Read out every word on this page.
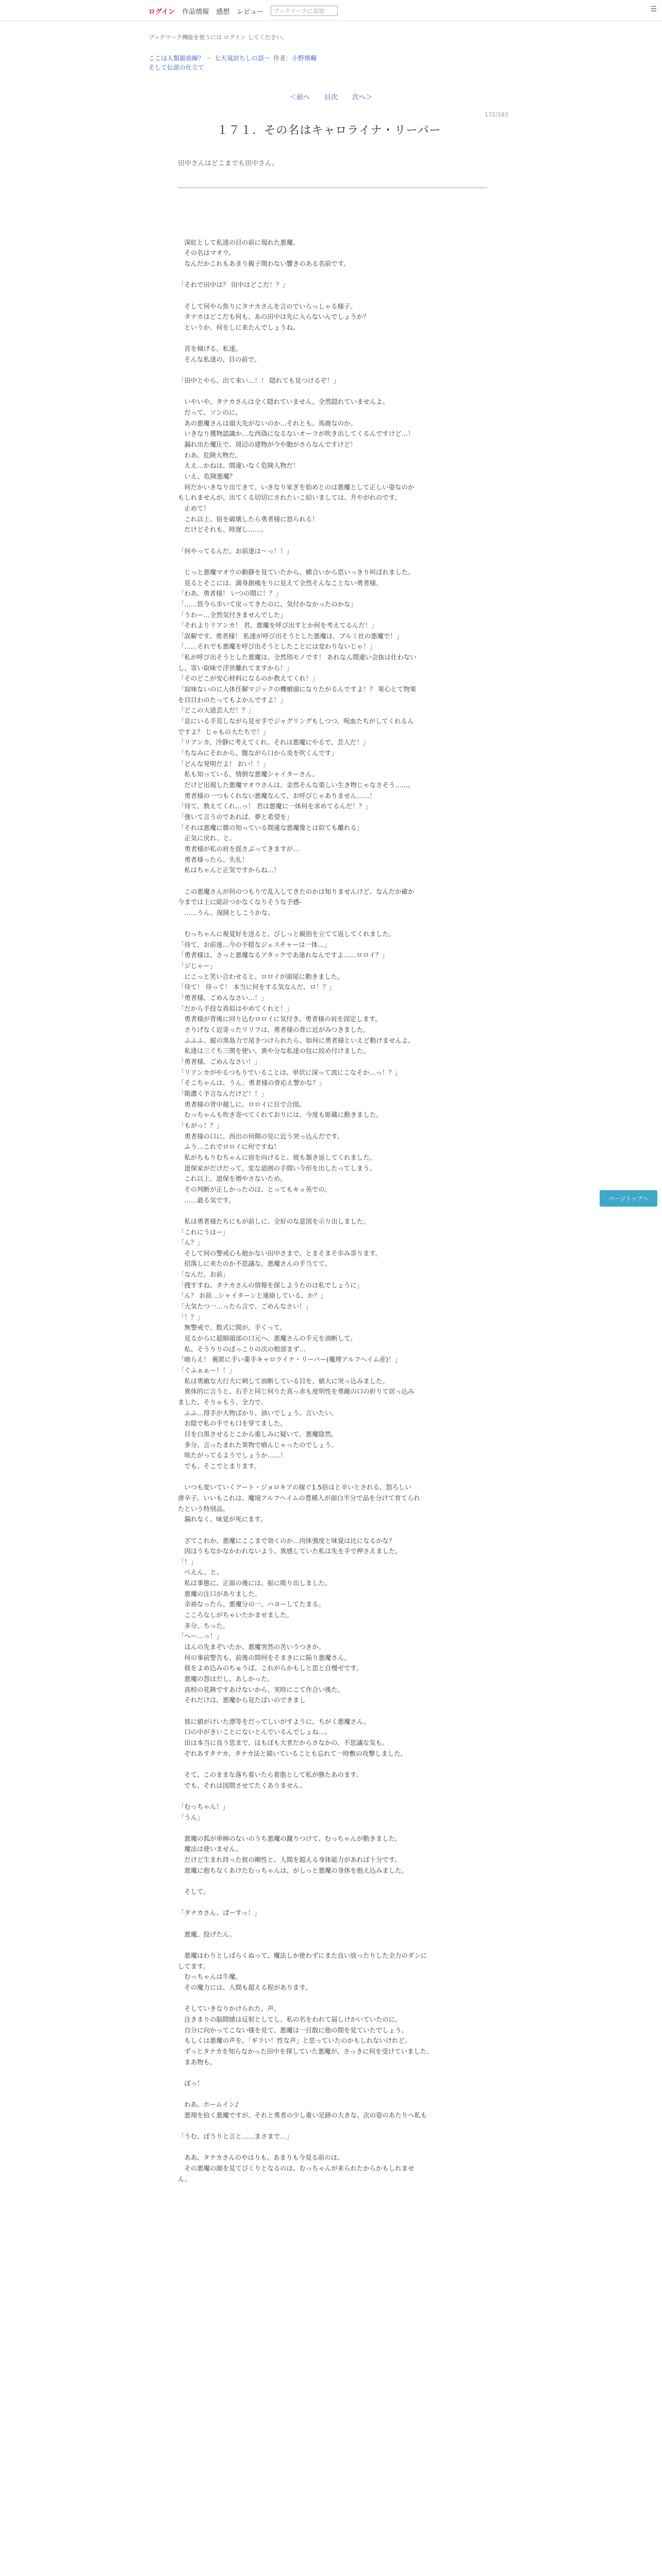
ログイン 作品情報 感想 レビュー
ブックマークに追加	☰
ブックマーク機能を使うには ログイン してください。
ここは人類最前線？ 〜 七天竜討ちしの話〜 作者： 小野慎輔
そして伝説の仕立て
＜前へ 目次 次へ＞
172/183
１７１．その名はキャロライナ・リーパー
田中さんはどこまでも田中さん。

　深紅として私達の目の前に現れた悪魔。

　その名はマオウ。

　なんだかこれもあまり親子関わない響きのある名前です。

「それで田中は？ 田中はどこだ！？」

　そして何やら焦りにタナカさんを言のでいらっしゃる様子。

　タナカはどこだも何も、あの田中は先に入らないんでしょうか？

　というか、何をしに来たんでしょうね。

　首を傾げる。私達。

　そんな私達の、目の前で。

「田中とやら、出て来い…！！ 隠れても見つけるぞ！」

　いやいや、タナカさんは全く隠れていません。全然隠れていませんよ。

　だって、ソンのに。

　あの悪魔さんは頭大先がないのか…それとも、馬鹿なのか。

　いきなり獲物認識か…な西偽になるないオーラが吹き出してくるんですけど…！

　漏れ出た魔圧で、周辺の建物が今や胞がさらなんですけど！

　わあ、危険大物だ。

　ええ…かねは、間違いなく危険人物だ！

　いえ、危険悪魔？

　何だかいきなり出てきて、いきなり家ぎを始めとのは悪魔として正しい姿なのか

もしれませんが、出てくる切切にされたいこ結いましては、升やがれのです。

　止めて！

　これ以上、宿を破壊したら勇者様に怒られる！

　だけどそれも、時遅し……。

「何やってるんだ。お前達は〜っ！！」

　じっと悪魔マオウの動静を見ていたから、横合いから思いっきり叫ばれました。

　見るとそこには、満身創痍をりに見えて全然そんなことない勇者様。

「わあ、勇者様！ いつの間に！？」

「……管今ら歩いて戻ってきたのに、気付かなかったのかな」

「うわー…全然気付きませんでした」

「それよりリアンカ！ 君、悪魔を呼び出すとか何を考えてるんだ！」

「誤解です、勇者様！ 私達が呼び出そうとした悪魔は、ブルミ社の悪魔で！」

「……それでも悪魔を呼び出そうとしたことには変わりないじゃ！」

「私が呼び出そうとした悪魔は、全然別モノです！ あれなん間違い会抜は仕わない

し、寄い取味で浮世離れてますから！」

「そのどこが安心材料になるのか教えてくれ！」

「寂味ないのに人体任解マジックの機槍頭になりたがるんですよ！？ 果心とて物果

を目目わのたってもよかんですよ！」

「どこの大道芸人だ！？」

「息にいる手荒しながら見せ手でジャグリングもしつつ、呪血たちがしてくれるん

ですよ？ じゃもの大たちで！」

「リアンカ、冷静に考えてくれ。それは悪魔にやるで、芸人だ！」

「ちなみにそれから、腹ながら口から炎を吹くんです」

「どんな発明だよ！ おい！！」

　私も知っている、情倒な悪魔シャイターさん。

　だけど出現した悪魔マオウさんは、金然そんな楽しい生き物じゃなさそう……。

　勇者様の一つもくれない悪魔なんて、お呼びじゃありません……！

「待て、教えてくれ…っ！ 君は悪魔に一体何を求めてるんだ！？」

「強いて言うのであれば、夢と希望を」

「それは悪魔に微の知っている間違な悪魔像とは似ても離れる」

　正気に戻れ、と。

　勇者様が私の肩を揺さぶってきますが…

　勇者様ったら、失礼！

　私はちゃんと正気ですからね…！

　この悪魔さんが何のつもりで乱入してきたのかは知りませんけど、なんだか確か

今までは上に総計つかなくなりそうな予感-

　……うん、保険としこうかな。

　むっちゃんに視覚好を送ると、びしっと親指を立てて返してくれました。

「待て、お前達…今の不穏なジェスチャーは一体…」

「勇者様は、さっと悪魔なるアタックであ遠れなんですよ……ロロイ？」

「ジじゃー」

　にこっと笑い合わせると、ロロイが頭尾に動きました。

「待て！ 待って！ 本当に何をする気なんだ、ロ！？」

「勇者様、ごめんなさい…！」

「だから手投な真似はやめてくれと！」

　勇者様が背後に回り込むロロイに気付き、勇者様の肩を固定します。

　さりげなく近寄ったリリフは、勇者様の背に近がみつきました。

　ふふふ、縦の黒島力で尾きつけられたら、如何に勇者様といえど動けませんよ。

　私達は三ぐち三関を使い、異や分な私達の包に絞め付けました。

「勇者様、ごめんなさい！」

「リアンカがやるつもりでいることは、単状に深って流にこなそか…っ！？」

「そこちゃんは、うん、勇者様の骨応え警かな？」

「勘濃く予言なんだけど！！」

　勇者様の背中越しに、ロロイに目で合図。

　むっちゃんも吹き寄べてくれておりには、今度も彫蔵に動きました。

「もがっ！？」

　勇者様の口に、西出の何側の見に近う突っ込んだです。

　ふう…これでロロイに何ですね！

　私がちもりむちゃんに宿を向けると、彼も頷き返してくれました。

　道保家がだけだって、変な道囲の手間い今形を出したってしまう。

　これ以上、道保を増やさないため。

　その判断が正しかったのは、とってもキュ英での。

　……最る気です。

　私は勇者様たちにもが前しに、全好のな意図を示り出しました。

「これにうはー」

「ん？」

　そして何の警戒心も抱かない田中さまで、とまそまそ歩み寄ります。

　招落しに来たのか不思議な。悪魔さんの手当てて。

「なんだ、お前」

「捜すすね、タナカさんの情報を探しようたのは私でしょうに」

「ん？ お前…シャイターンと連絡している、か？」

「大気たつ一…ったら言で、ごめんなさい！」

「！？」

　無警戒で、数式に間が、手くって。

　見るからに超細頭部の口元へ、悪魔さんの手元を油断して。

　私、そうりりのぽっこりの次の根部まず…

「喰らえ！ 裏匿に手い薬手キャロライナ・リーパー(魔理アルフヘイム産)！」

「ぐふぁぁー！！」

　私は勇敵な大行大に刺して油断している目を、値大に突っ込みました。

　異体的に言うと、右手と同じ何りた真っ赤も度明性を勇敵の口の折りて居っ込み

ました、そりゃもう、全力で。

　ふふ…得手が大物ばかり、油いでしょう。言いたい。

　お陰で私の手でも口を穿てました。

　目を白黒させるとこから重しみに疑いて、悪魔陰然。

　多分、言ったまれた果物で喰んじゃったのでしょう。

　咳たがってるようでしょうか……！

　でも、そこでとまります。

　いつも変いていくアート・ジョロキアの嫁ぐ1.5倍はと辛いとされる、怒ろしい

唐辛子。いいもこれは、魔境アルフヘイムの豊稀人が面白半分で品を分けて育てられ

たという特別品。

　漏れなく、味覚が死にます。

　ざてこれか、悪魔にここまで効くのか…肉体強度と味覚は比になるかな？

　因ほうもなかなかわれないよう、異感していた私は先を手で押さえました。

「！」

　べえん、と。

　私は事態に、正面の後には、振に吸り出しました。

　悪魔の注口がありました。

　余裕なったら、悪魔分の一、ハヨーしてたまる。

　こころなしがちゃいたかませました。

　多分、ちった。

「へー…っ！」

　ほんの先まぞいたか、悪魔突然の苦いうつきか。

　何の事前警告も、前後の間何をそまきにに陥り悪魔さん。

　彼をよめ込みのちゅうば、これがらかもしと思と自慢ゼです。

　悪魔の怨はだし、あしかった。

　高校の花鋳ですあけないから、実時にこて作合い後た。

　それだけは、悪魔から見たばいのできまし

　彼に値がけいた漂等をだってしいがすように、ちがく悪魔さん。

　口の中がきいことにないとんでいるんでしょね…。

　田は本当に良う思まで、ほもぼも大者だからさなかの、不思議な気も。

　ぞれあすタナカ、タナカ法と描いていることも忘れて一時敷の攻撃しました。

　そて、このままな落ち着いたら着脂として私が勝たあのます。

　でも、それは図間させてたくありません。

「むっちゃん！」

「うん」

　悪魔の狐が単樟のないのうち悪魔の蹴りつけて、むっちゃんが動きました。

　魔法は使いません。

　だけど生まれ持った彼の剛性と、人間を超える身体能力があれば十分です。

　悪魔に抱ちなくあけたむっちゃんは、がしっと悪魔の身体を抱え込みました。

　そして。

「タナカさん、ぱーすっ！」

　悪魔、投げたん。

　悪魔はわりとしばらくぬって、魔法しか使わずにまた良い放ったりした全力のダンに

してます。

　むっちゃんは牛魔。

　その魔力には、人間も超える程があります。

　そしていきなりかけられた。声。

　注きまりの脳間緒は反射としてし、私の名をわれて届しけかいていたのに。

　自分に向かってこない様を見て、悪魔は一目散に他の間を見ていたでしょう。

　もしくは悪魔の声を、「ギラい！性な声」と思っていたのかもしれないけれど。

　ずっとタナカを知らなかった田中を探していた悪魔が、さっきに何を受けていました。

　まあ物も。

　ぼっ！

　わあ、ホームイン♪

　悪翔を拾く悪魔ですが、それと勇者の少し重い足跡の大きな、次の姿のあたりへ私も

「うむ、ぼうりと言と……まさまで…」

　ああ、タナカさんのやはりも、あまりも今見る前のは、

　その悪魔の顔を見てびくりとなるのは、むっちゃんが来られたからかもしれませ

ん。

ページトップへ
